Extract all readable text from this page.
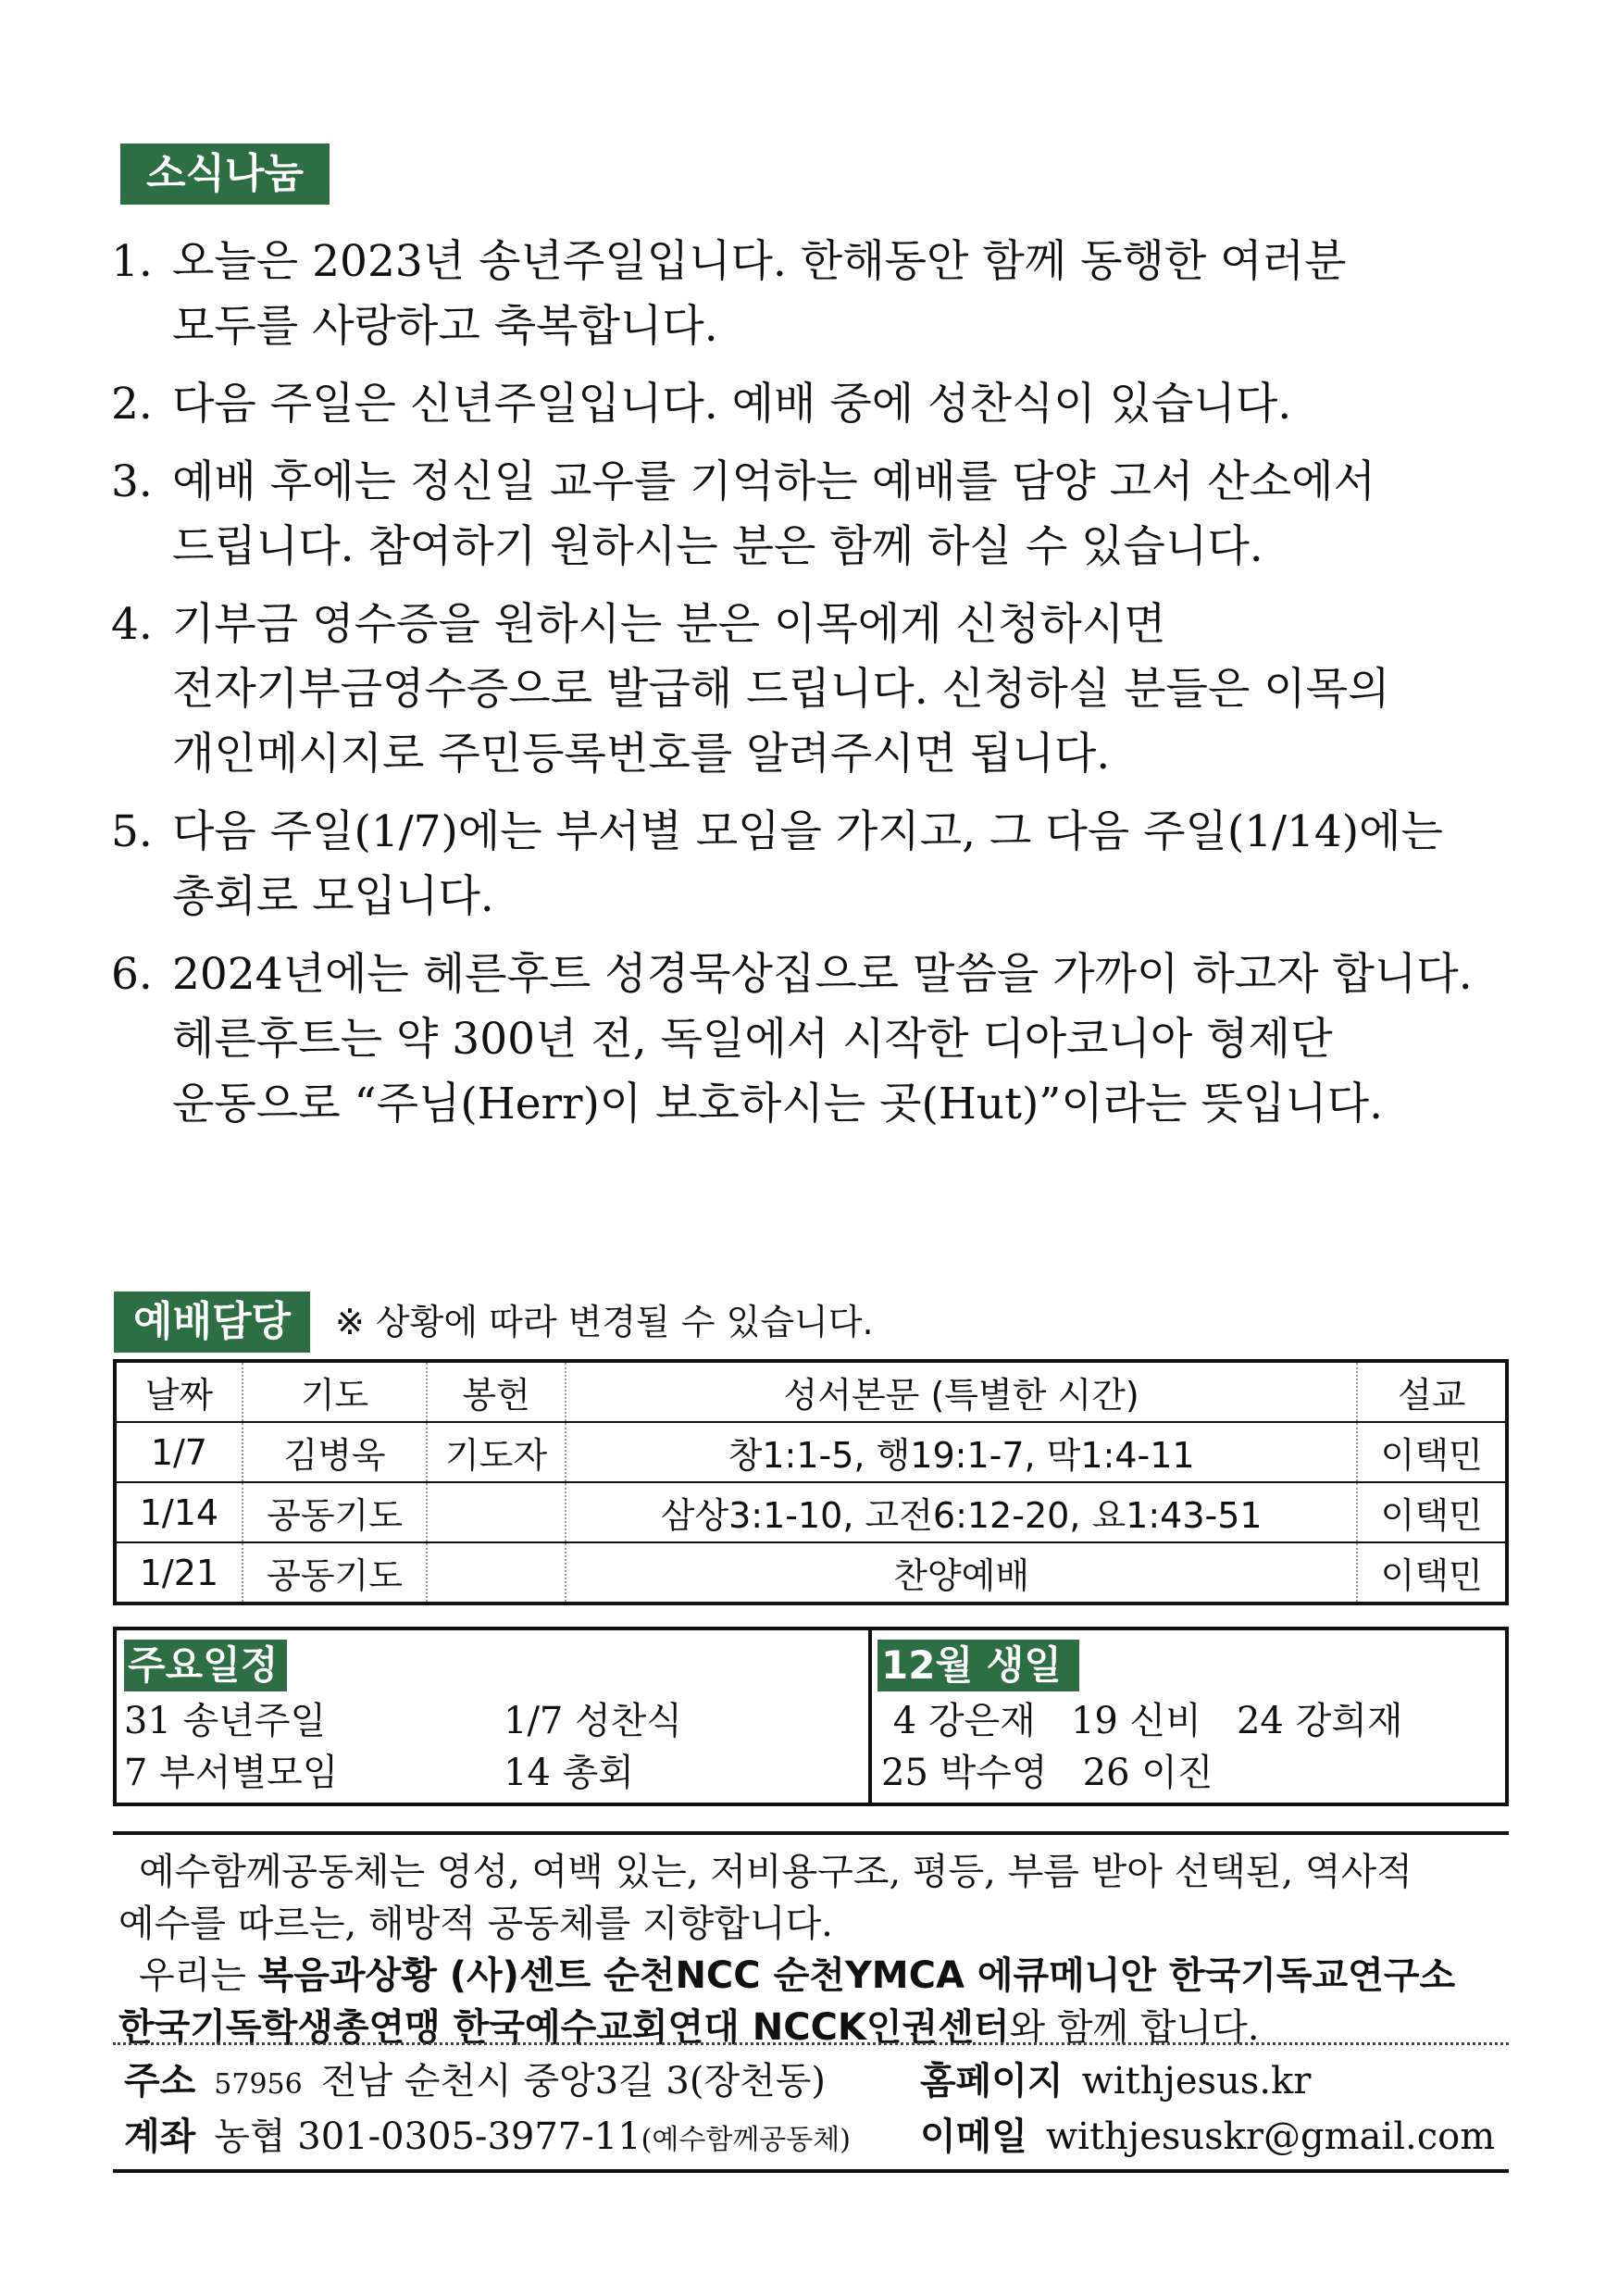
소식나눔
1. 오늘은 2023년 송년주일입니다. 한해동안 함께 동행한 여러분
모두를 사랑하고 축복합니다.
2. 다음 주일은 신년주일입니다. 예배 중에 성찬식이 있습니다.
3. 예배 후에는 정신일 교우를 기억하는 예배를 담양 고서 산소에서
드립니다. 참여하기 원하시는 분은 함께 하실 수 있습니다.
4. 기부금 영수증을 원하시는 분은 이목에게 신청하시면
전자기부금영수증으로 발급해 드립니다. 신청하실 분들은 이목의
개인메시지로 주민등록번호를 알려주시면 됩니다.
5. 다음 주일(1/7)에는 부서별 모임을 가지고, 그 다음 주일(1/14)에는
총회로 모입니다.
6. 2024년에는 헤른후트 성경묵상집으로 말씀을 가까이 하고자 합니다.
헤른후트는 약 300년 전, 독일에서 시작한 디아코니아 형제단
운동으로 “주님(Herr)이 보호하시는 곳(Hut)”이라는 뜻입니다.
예배담당	※ 상황에 따라 변경될 수 있습니다.
날짜	기도	봉헌	성서본문 (특별한 시간)	설교
1/7	김병욱	기도자	창1:1-5, 행19:1-7, 막1:4-11	이택민
1/14	공동기도		삼상3:1-10, 고전6:12-20, 요1:43-51	이택민
1/21	공동기도		찬양예배	이택민
주요일정
31 송년주일	1/7 성찬식
7 부서별모임	14 총회
12월 생일
4 강은재   19 신비   24 강희재
25 박수영   26 이진

예수함께공동체는 영성, 여백 있는, 저비용구조, 평등, 부름 받아 선택된, 역사적

예수를 따르는, 해방적 공동체를 지향합니다.

우리는 복음과상황 (사)센트 순천NCC 순천YMCA 에큐메니안 한국기독교연구소

한국기독학생총연맹 한국예수교회연대 NCCK인권센터와 함께 합니다.

주소 57956 전남 순천시 중앙3길 3(장천동)	홈페이지 withjesus.kr
계좌 농협 301-0305-3977-11(예수함께공동체) 이메일 withjesuskr@gmail.com
